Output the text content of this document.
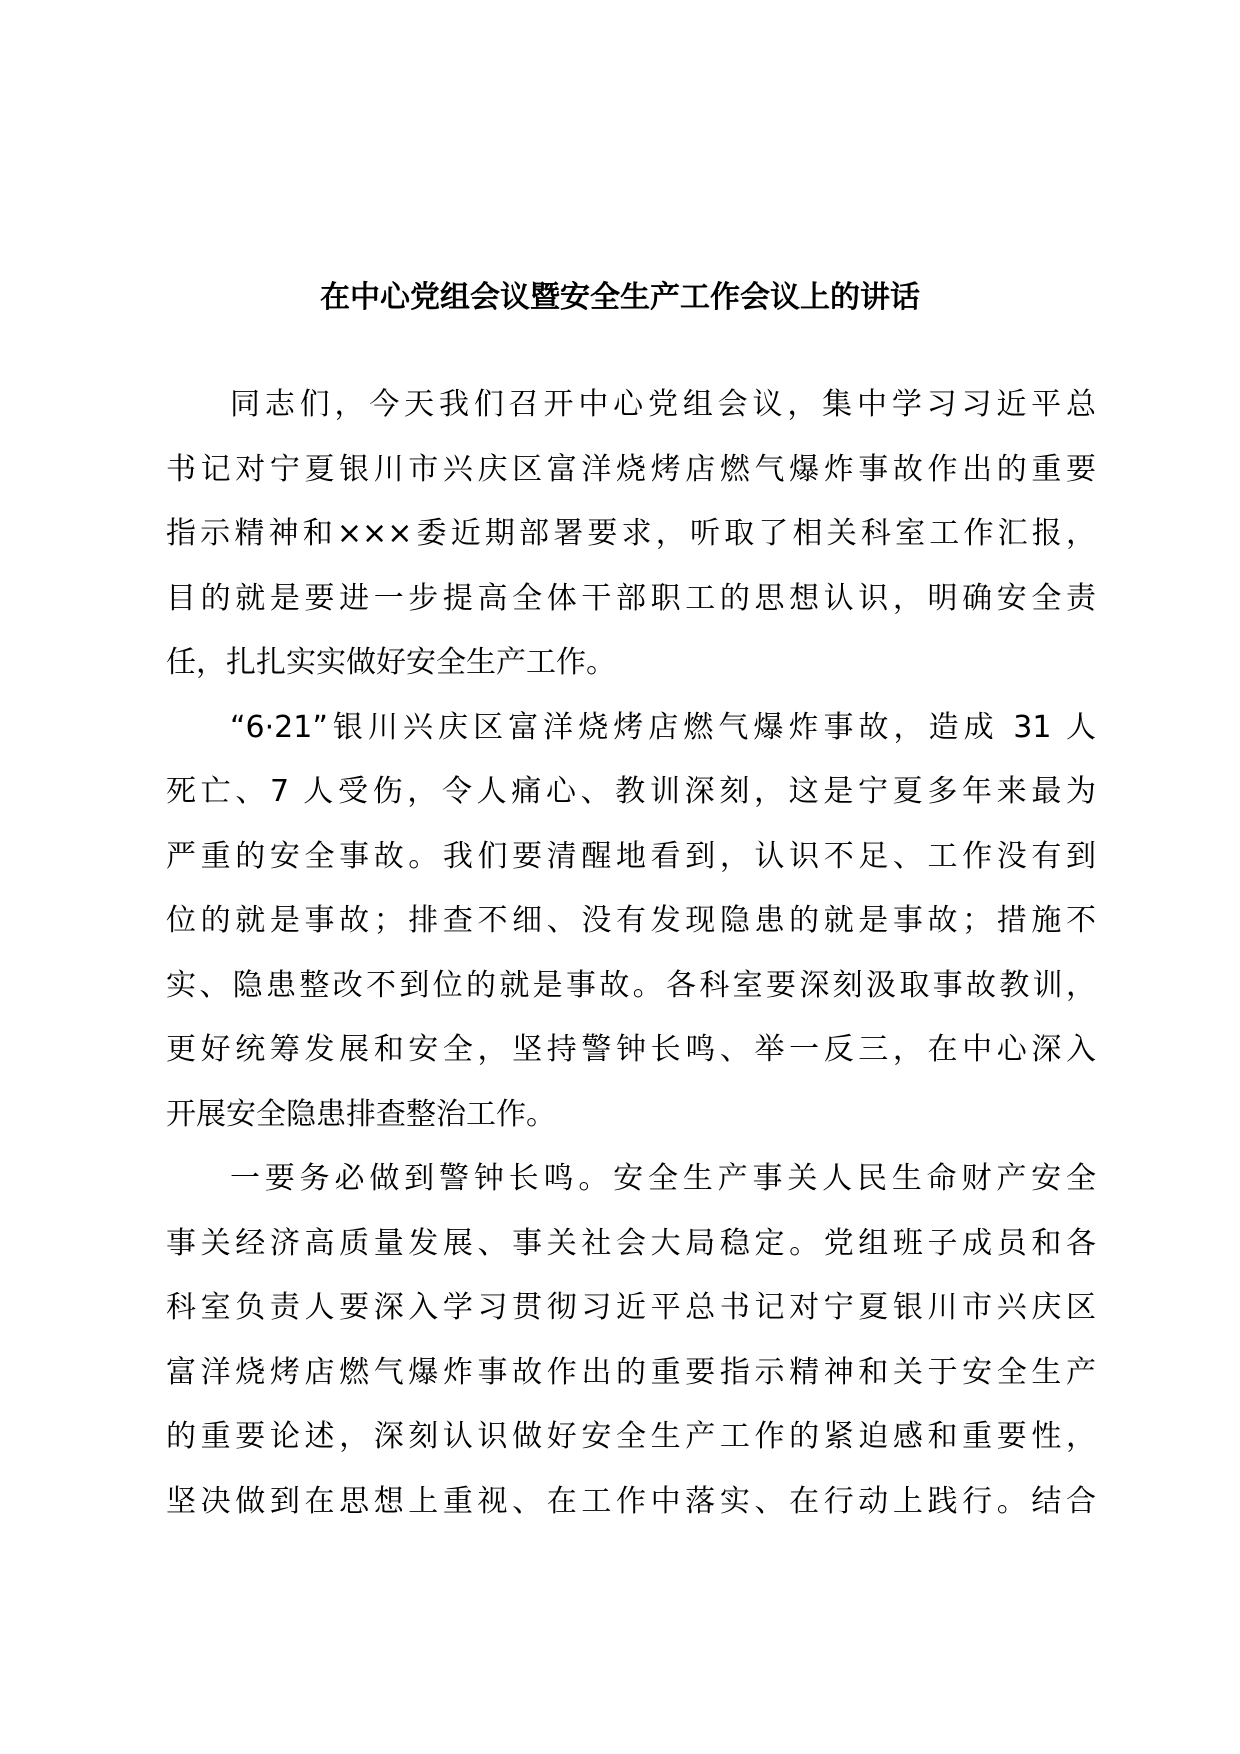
在中心党组会议暨安全生产工作会议上的讲话

同志们，今天我们召开中心党组会议，集中学习习近平总
书记对宁夏银川市兴庆区富洋烧烤店燃气爆炸事故作出的重要
指示精神和×××委近期部署要求，听取了相关科室工作汇报，
目的就是要进一步提高全体干部职工的思想认识，明确安全责
任，扎扎实实做好安全生产工作。

“6·21”银川兴庆区富洋烧烤店燃气爆炸事故，造成 31 人
死亡、7 人受伤，令人痛心、教训深刻，这是宁夏多年来最为
严重的安全事故。我们要清醒地看到，认识不足、工作没有到
位的就是事故；排查不细、没有发现隐患的就是事故；措施不
实、隐患整改不到位的就是事故。各科室要深刻汲取事故教训，
更好统筹发展和安全，坚持警钟长鸣、举一反三，在中心深入
开展安全隐患排查整治工作。

一要务必做到警钟长鸣。安全生产事关人民生命财产安全
事关经济高质量发展、事关社会大局稳定。党组班子成员和各
科室负责人要深入学习贯彻习近平总书记对宁夏银川市兴庆区
富洋烧烤店燃气爆炸事故作出的重要指示精神和关于安全生产
的重要论述，深刻认识做好安全生产工作的紧迫感和重要性，
坚决做到在思想上重视、在工作中落实、在行动上践行。结合
